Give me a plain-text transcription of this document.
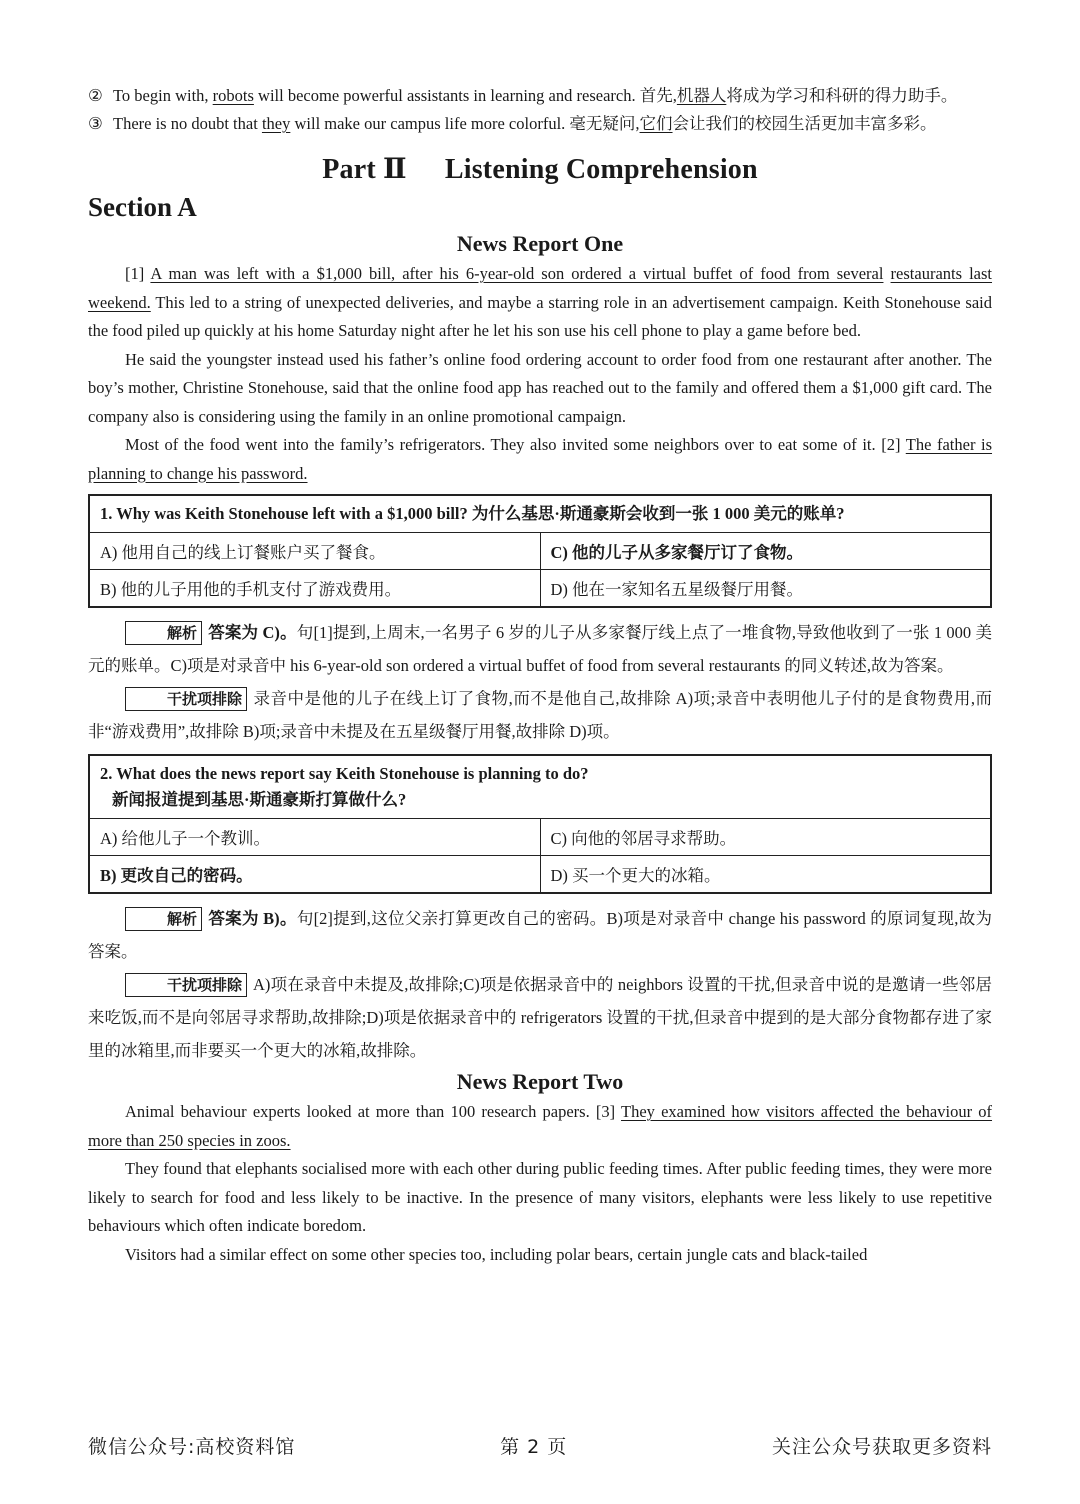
② To begin with, robots will become powerful assistants in learning and research. 首先,机器人将成为学习和科研的得力助手。
③ There is no doubt that they will make our campus life more colorful. 毫无疑问,它们会让我们的校园生活更加丰富多彩。
Part Ⅱ Listening Comprehension
Section A
News Report One

[1] A man was left with a $1,000 bill, after his 6-year-old son ordered a virtual buffet of food from several restaurants last weekend. This led to a string of unexpected deliveries, and maybe a starring role in an advertisement campaign. Keith Stonehouse said the food piled up quickly at his home Saturday night after he let his son use his cell phone to play a game before bed.

He said the youngster instead used his father’s online food ordering account to order food from one restaurant after another. The boy’s mother, Christine Stonehouse, said that the online food app has reached out to the family and offered them a $1,000 gift card. The company also is considering using the family in an online promotional campaign.

Most of the food went into the family’s refrigerators. They also invited some neighbors over to eat some of it. [2] The father is planning to change his password.

1. Why was Keith Stonehouse left with a $1,000 bill? 为什么基思·斯通豪斯会收到一张 1 000 美元的账单?	
A) 他用自己的线上订餐账户买了餐食。	C) 他的儿子从多家餐厅订了食物。
B) 他的儿子用他的手机支付了游戏费用。	D) 他在一家知名五星级餐厅用餐。

解析 答案为 C)。句[1]提到,上周末,一名男子 6 岁的儿子从多家餐厅线上点了一堆食物,导致他收到了一张 1 000 美元的账单。C)项是对录音中 his 6-year-old son ordered a virtual buffet of food from several restaurants 的同义转述,故为答案。

干扰项排除 录音中是他的儿子在线上订了食物,而不是他自己,故排除 A)项;录音中表明他儿子付的是食物费用,而非“游戏费用”,故排除 B)项;录音中未提及在五星级餐厅用餐,故排除 D)项。

2. What does the news report say Keith Stonehouse is planning to do?
新闻报道提到基思·斯通豪斯打算做什么?	

A) 给他儿子一个教训。	C) 向他的邻居寻求帮助。
B) 更改自己的密码。	D) 买一个更大的冰箱。

解析 答案为 B)。句[2]提到,这位父亲打算更改自己的密码。B)项是对录音中 change his password 的原词复现,故为答案。

干扰项排除 A)项在录音中未提及,故排除;C)项是依据录音中的 neighbors 设置的干扰,但录音中说的是邀请一些邻居来吃饭,而不是向邻居寻求帮助,故排除;D)项是依据录音中的 refrigerators 设置的干扰,但录音中提到的是大部分食物都存进了家里的冰箱里,而非要买一个更大的冰箱,故排除。

News Report Two

Animal behaviour experts looked at more than 100 research papers. [3] They examined how visitors affected the behaviour of more than 250 species in zoos.

They found that elephants socialised more with each other during public feeding times. After public feeding times, they were more likely to search for food and less likely to be inactive. In the presence of many visitors, elephants were less likely to use repetitive behaviours which often indicate boredom.

Visitors had a similar effect on some other species too, including polar bears, certain jungle cats and black-tailed

微信公众号:高校资料馆	第 2 页	关注公众号获取更多资料
